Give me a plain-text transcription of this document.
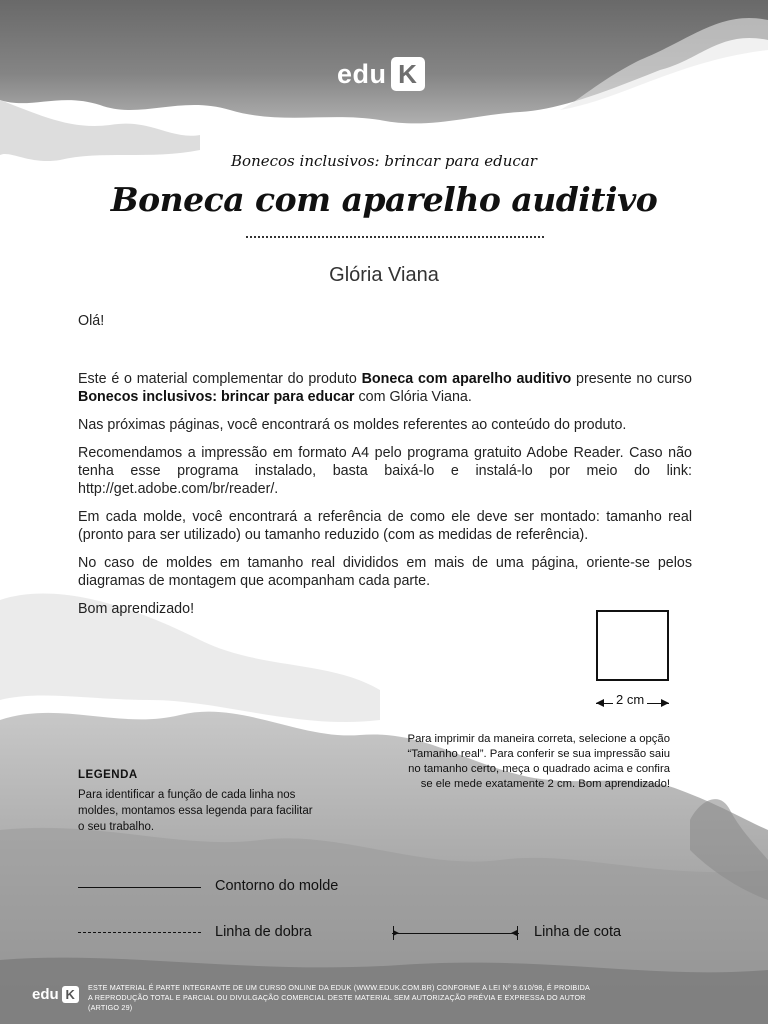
edu K
Bonecos inclusivos: brincar para educar
Boneca com aparelho auditivo
Glória Viana

Olá!

Este é o material complementar do produto Boneca com aparelho auditivo presente no curso Bonecos inclusivos: brincar para educar com Glória Viana.

Nas próximas páginas, você encontrará os moldes referentes ao conteúdo do produto.

Recomendamos a impressão em formato A4 pelo programa gratuito Adobe Reader. Caso não tenha esse programa instalado, basta baixá-lo e instalá-lo por meio do link: http://get.adobe.com/br/reader/.

Em cada molde, você encontrará a referência de como ele deve ser montado: tamanho real (pronto para ser utilizado) ou tamanho reduzido (com as medidas de referência).

No caso de moldes em tamanho real divididos em mais de uma página, oriente-se pelos diagramas de montagem que acompanham cada parte.

Bom aprendizado!

2 cm
Para imprimir da maneira correta, selecione a opção “Tamanho real”. Para conferir se sua impressão saiu no tamanho certo, meça o quadrado acima e confira se ele mede exatamente 2 cm. Bom aprendizado!
LEGENDA
Para identificar a função de cada linha nos moldes, montamos essa legenda para facilitar o seu trabalho.
Contorno do molde
Linha de dobra	Linha de cota
edu K	ESTE MATERIAL É PARTE INTEGRANTE DE UM CURSO ONLINE DA EDUK (WWW.EDUK.COM.BR) CONFORME A LEI Nº 9.610/98, É PROIBIDA
A REPRODUÇÃO TOTAL E PARCIAL OU DIVULGAÇÃO COMERCIAL DESTE MATERIAL SEM AUTORIZAÇÃO PRÉVIA E EXPRESSA DO AUTOR (ARTIGO 29)
